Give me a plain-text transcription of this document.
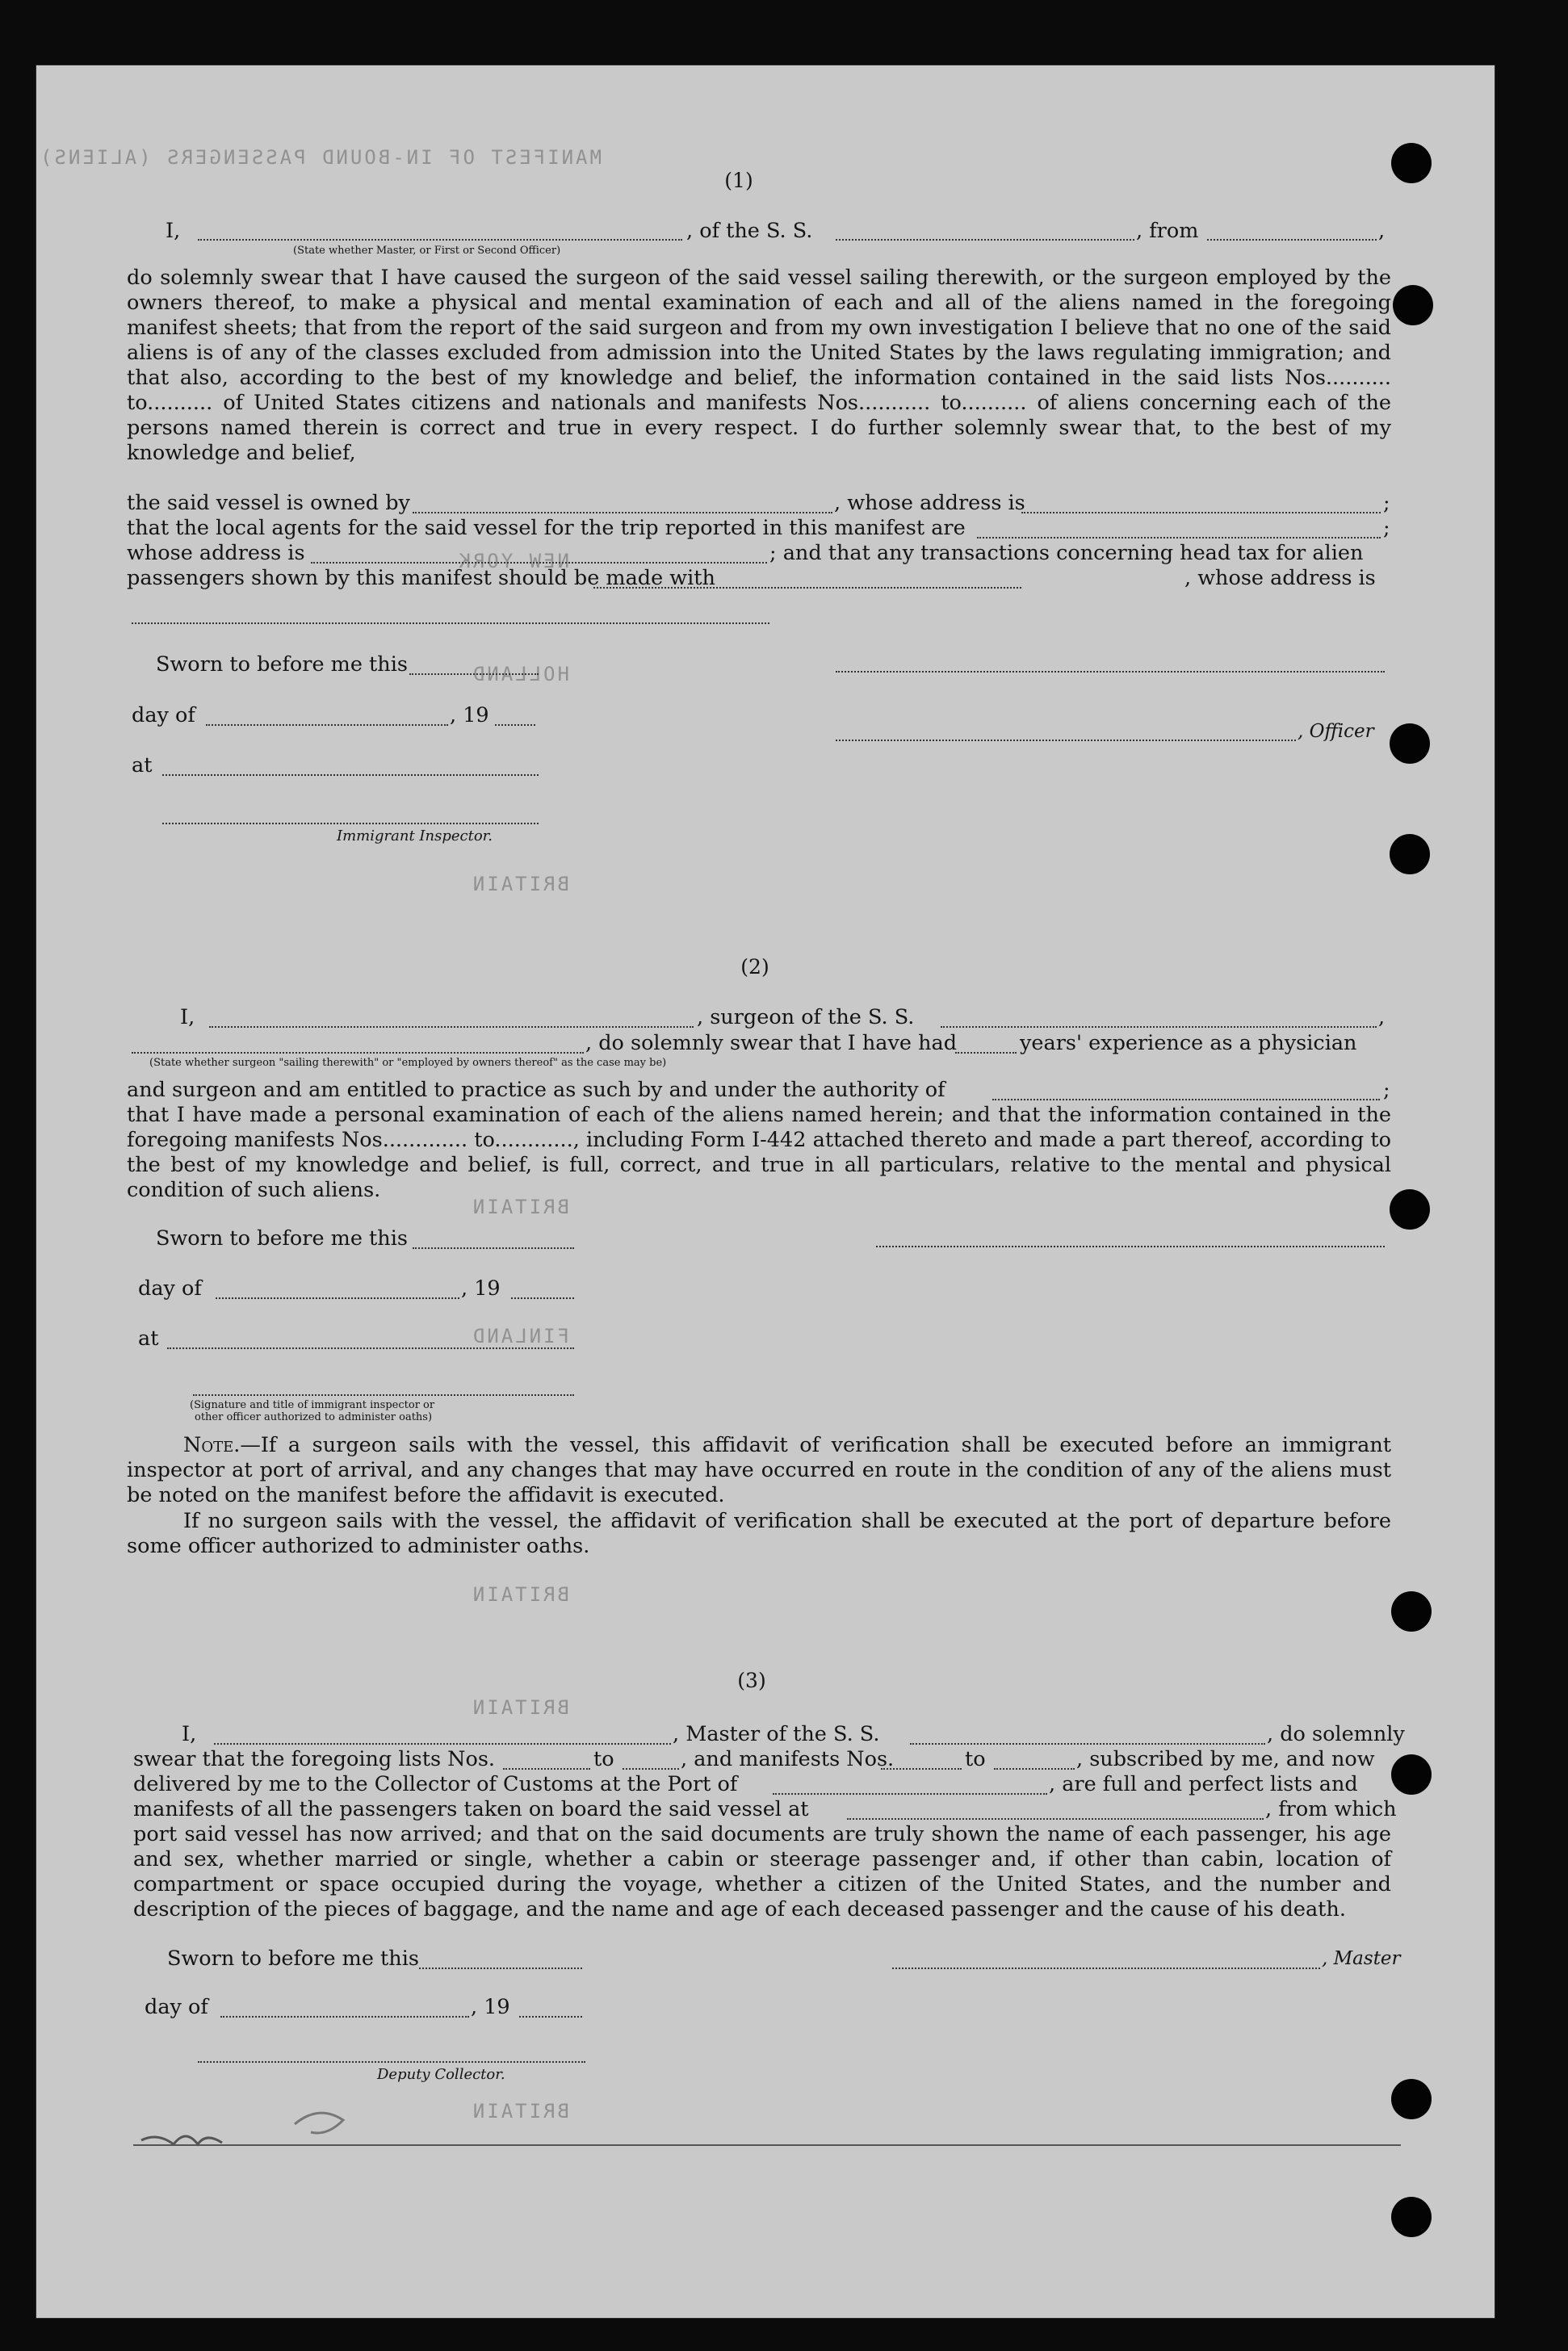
MANIFEST OF IN-BOUND PASSENGERS (ALIENS)
NEW YORK
HOLLAND
BRITAIN
BRITAIN
FINLAND
BRITAIN
BRITAIN
BRITAIN
(1)
I,	, of the S. S.	, from	,
(State whether Master, or First or Second Officer)
do solemnly swear that I have caused the surgeon of the said vessel sailing therewith, or the surgeon employed by the owners thereof, to make a physical and mental examination of each and all of the aliens named in the foregoing manifest sheets; that from the report of the said surgeon and from my own investigation I believe that no one of the said aliens is of any of the classes excluded from admission into the United States by the laws regulating immigration; and that also, according to the best of my knowledge and belief, the information contained in the said lists Nos.......... to.......... of United States citizens and nationals and manifests Nos........... to.......... of aliens concerning each of the persons named therein is correct and true in every respect. I do further solemnly swear that, to the best of my knowledge and belief,
the said vessel is owned by	, whose address is	;
that the local agents for the said vessel for the trip reported in this manifest are	;
whose address is	; and that any transactions concerning head tax for alien
passengers shown by this manifest should be made with	, whose address is
Sworn to before me this
day of	, 19
, Officer
at
Immigrant Inspector.
(2)
I,	, surgeon of the S. S.	,
, do solemnly swear that I have had	years' experience as a physician
(State whether surgeon "sailing therewith" or "employed by owners thereof" as the case may be)
and surgeon and am entitled to practice as such by and under the authority of	;
that I have made a personal examination of each of the aliens named herein; and that the information contained in the foregoing manifests Nos............. to............, including Form I-442 attached thereto and made a part thereof, according to the best of my knowledge and belief, is full, correct, and true in all particulars, relative to the mental and physical condition of such aliens.
Sworn to before me this
day of	, 19
at
(Signature and title of immigrant inspector or
other officer authorized to administer oaths)
Note.—If a surgeon sails with the vessel, this affidavit of verification shall be executed before an immigrant inspector at port of arrival, and any changes that may have occurred en route in the condition of any of the aliens must be noted on the manifest before the affidavit is executed.
If no surgeon sails with the vessel, the affidavit of verification shall be executed at the port of departure before some officer authorized to administer oaths.
(3)
I,	, Master of the S. S.	, do solemnly
swear that the foregoing lists Nos.	to	, and manifests Nos.	to	, subscribed by me, and now
delivered by me to the Collector of Customs at the Port of	, are full and perfect lists and
manifests of all the passengers taken on board the said vessel at	, from which
port said vessel has now arrived; and that on the said documents are truly shown the name of each passenger, his age and sex, whether married or single, whether a cabin or steerage passenger and, if other than cabin, location of compartment or space occupied during the voyage, whether a citizen of the United States, and the number and description of the pieces of baggage, and the name and age of each deceased passenger and the cause of his death.
Sworn to before me this	, Master
day of	, 19
Deputy Collector.
